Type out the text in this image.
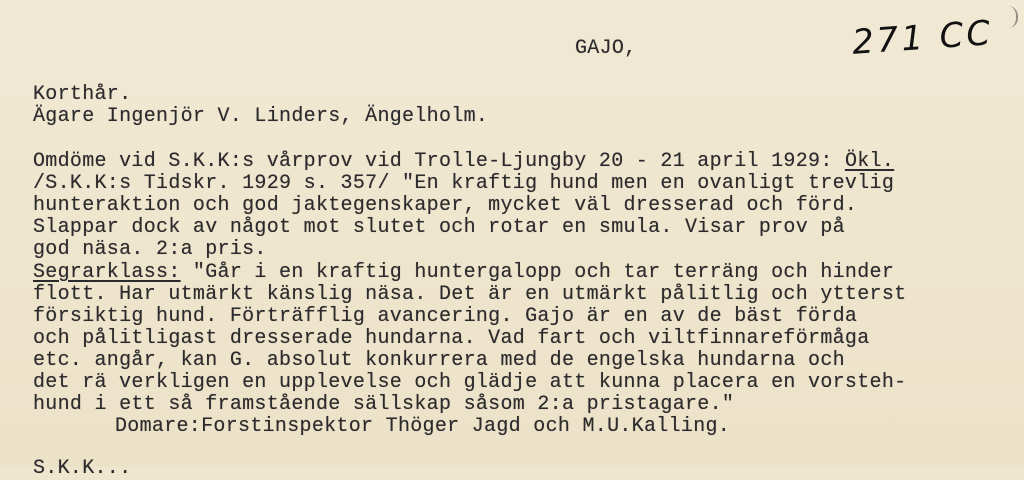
GAJO,	271 CC
Korthår.
Ägare Ingenjör V. Linders, Ängelholm.
Omdöme vid S.K.K:s vårprov vid Trolle-Ljungby 20 - 21 april 1929: Ökl.
/S.K.K:s Tidskr. 1929 s. 357/ "En kraftig hund men en ovanligt trevlig
hunteraktion och god jaktegenskaper, mycket väl dresserad och förd.
Slappar dock av något mot slutet och rotar en smula. Visar prov på
god näsa. 2:a pris.
Segrarklass: "Går i en kraftig huntergalopp och tar terräng och hinder
flott. Har utmärkt känslig näsa. Det är en utmärkt pålitlig och ytterst
försiktig hund. Förträfflig avancering. Gajo är en av de bäst förda
och pålitligast dresserade hundarna. Vad fart och viltfinnareförmåga
etc. angår, kan G. absolut konkurrera med de engelska hundarna och
det rä verkligen en upplevelse och glädje att kunna placera en vorsteh-
hund i ett så framstående sällskap såsom 2:a pristagare."
Domare:Forstinspektor Thöger Jagd och M.U.Kalling.
S.K.K...
